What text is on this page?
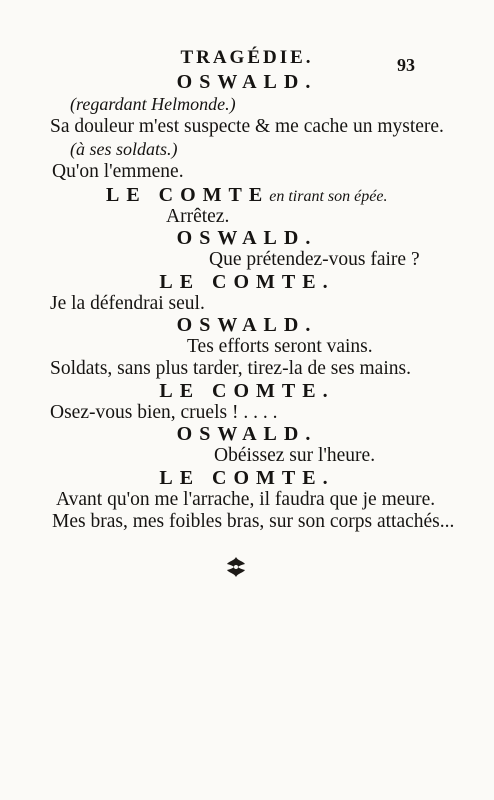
TRAGÉDIE.	93
OSWALD.
(regardant Helmonde.)
Sa douleur m'est suspecte & me cache un mystere.
(à ses soldats.)
Qu'on l'emmene.
LE COMTEen tirant son épée.
Arrêtez.
OSWALD.
Que prétendez-vous faire ?
LE COMTE.
Je la défendrai seul.
OSWALD.
Tes efforts seront vains.
Soldats, sans plus tarder, tirez-la de ses mains.
LE COMTE.
Osez-vous bien, cruels ! . . . .
OSWALD.
Obéissez sur l'heure.
LE COMTE.
Avant qu'on me l'arrache, il faudra que je meure.
Mes bras, mes foibles bras, sur son corps attachés...
